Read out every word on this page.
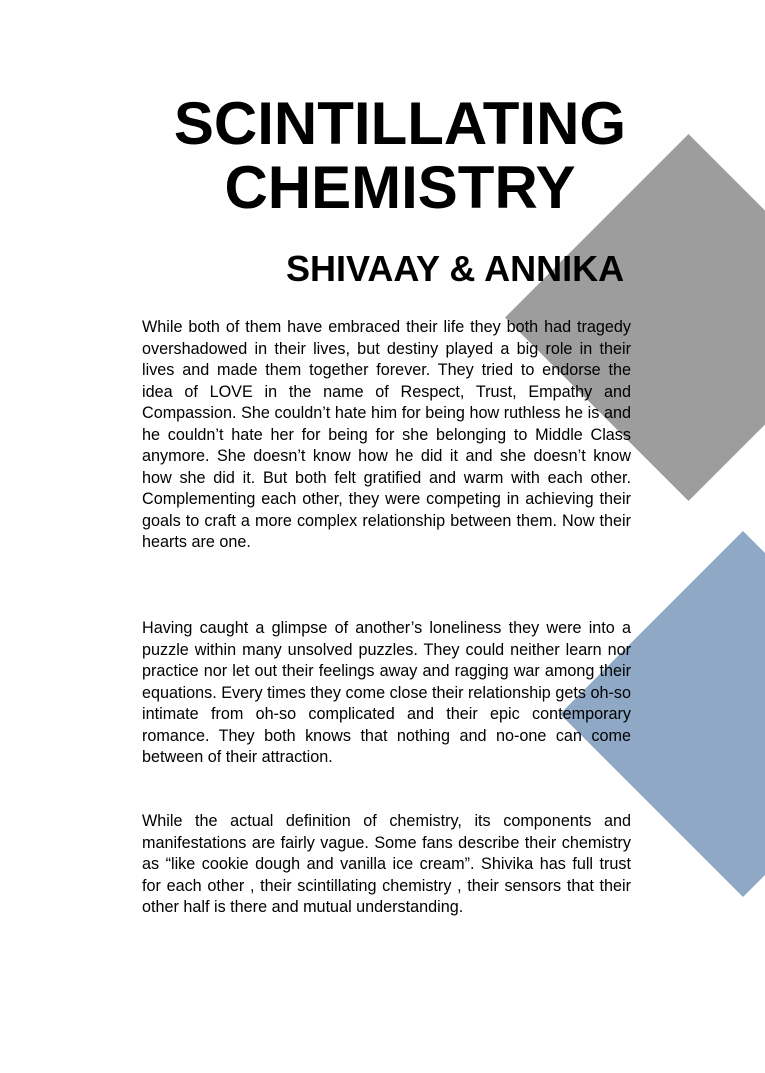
SCINTILLATING
CHEMISTRY
SHIVAAY & ANNIKA

While both of them have embraced their life they both had tragedy overshadowed in their lives, but destiny played a big role in their lives and made them together forever. They tried to endorse the idea of LOVE in the name of Respect, Trust, Empathy and Compassion. She couldn’t hate him for being how ruthless he is and he couldn’t hate her for being for she belonging to Middle Class anymore. She doesn’t know how he did it and she doesn’t know how she did it. But both felt gratified and warm with each other. Complementing each other, they were competing in achieving their goals to craft a more complex relationship between them. Now their hearts are one.

Having caught a glimpse of another’s loneliness they were into a puzzle within many unsolved puzzles. They could neither learn nor practice nor let out their feelings away and ragging war among their equations. Every times they come close their relationship gets oh-so intimate from oh-so complicated and their epic contemporary romance. They both knows that nothing and no-one can come between of their attraction.

While the actual definition of chemistry, its components and manifestations are fairly vague. Some fans describe their chemistry as “like cookie dough and vanilla ice cream”. Shivika has full trust for each other , their scintillating chemistry , their sensors that their other half is there and mutual understanding.
